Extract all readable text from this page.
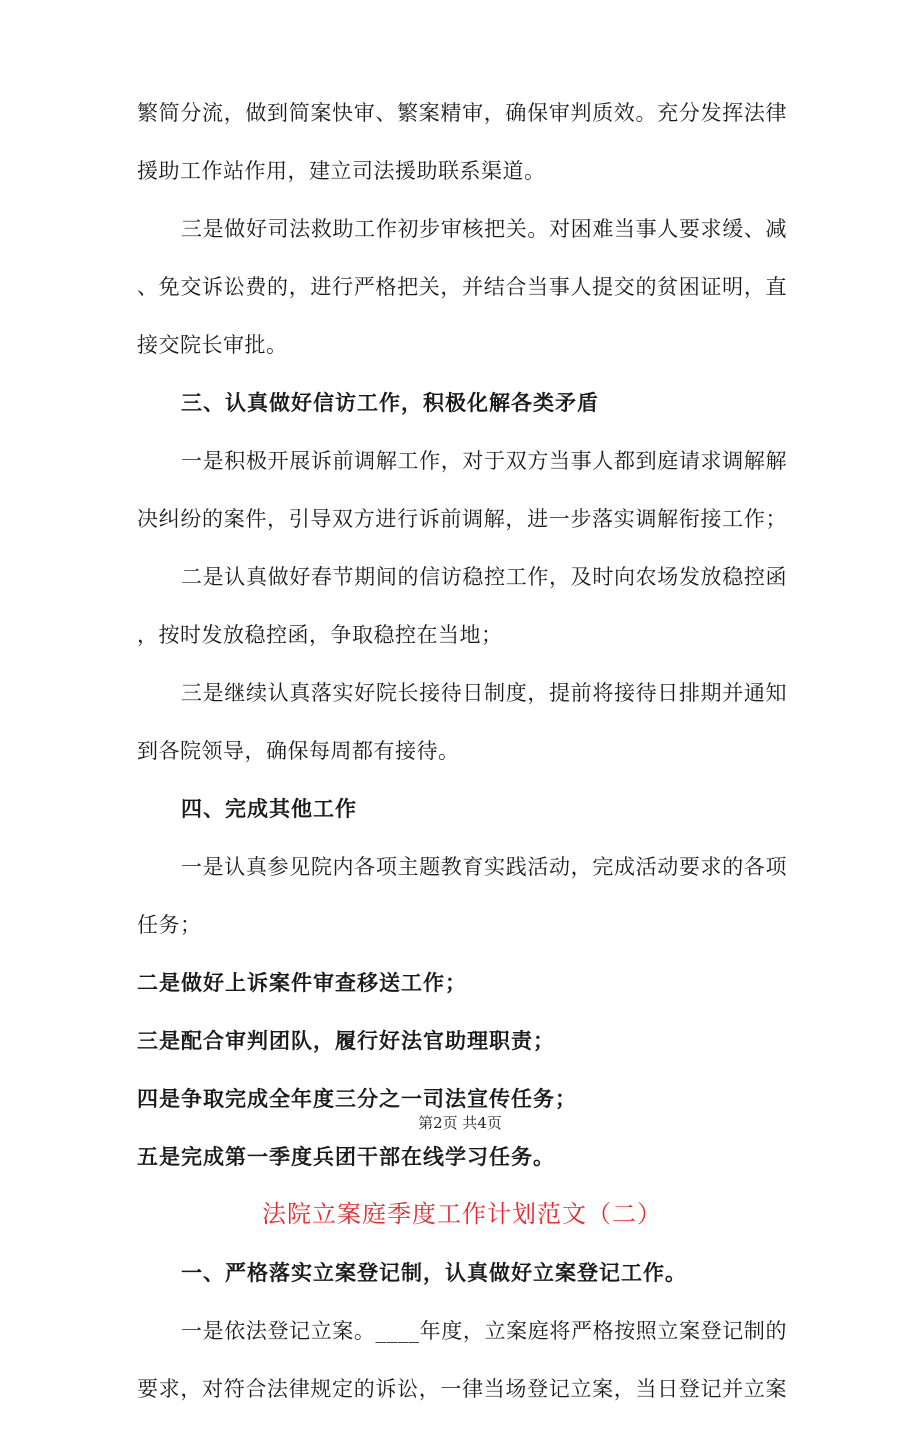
繁简分流，做到简案快审、繁案精审，确保审判质效。充分发挥法律
援助工作站作用，建立司法援助联系渠道。
三是做好司法救助工作初步审核把关。对困难当事人要求缓、减
、免交诉讼费的，进行严格把关，并结合当事人提交的贫困证明，直
接交院长审批。
三、认真做好信访工作，积极化解各类矛盾
一是积极开展诉前调解工作，对于双方当事人都到庭请求调解解
决纠纷的案件，引导双方进行诉前调解，进一步落实调解衔接工作；
二是认真做好春节期间的信访稳控工作，及时向农场发放稳控函
，按时发放稳控函，争取稳控在当地；
三是继续认真落实好院长接待日制度，提前将接待日排期并通知
到各院领导，确保每周都有接待。
四、完成其他工作
一是认真参见院内各项主题教育实践活动，完成活动要求的各项
任务；
二是做好上诉案件审查移送工作；
三是配合审判团队，履行好法官助理职责；
四是争取完成全年度三分之一司法宣传任务；
五是完成第一季度兵团干部在线学习任务。
法院立案庭季度工作计划范文（二）
一、严格落实立案登记制，认真做好立案登记工作。
一是依法登记立案。____年度，立案庭将严格按照立案登记制的
要求，对符合法律规定的诉讼，一律当场登记立案，当日登记并立案
第2页 共4页
